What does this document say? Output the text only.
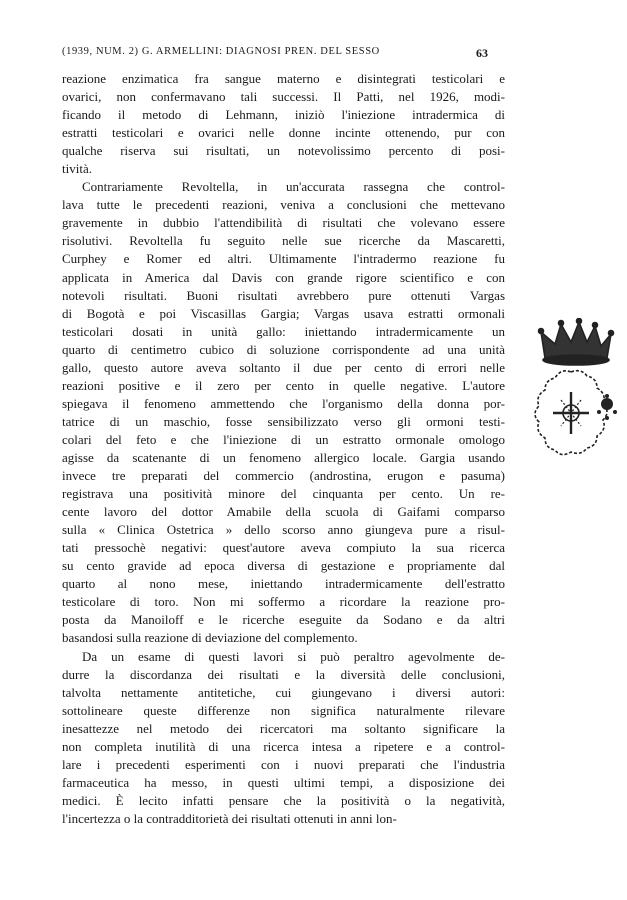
(1939, NUM. 2) G. ARMELLINI: DIAGNOSI PREN. DEL SESSO	63
reazione enzimatica fra sangue materno e disintegrati testicolari e
ovarici, non confermavano tali successi. Il Patti, nel 1926, modi-
ficando il metodo di Lehmann, iniziò l'iniezione intradermica di
estratti testicolari e ovarici nelle donne incinte ottenendo, pur con
qualche riserva sui risultati, un notevolissimo percento di posi-
tività.
Contrariamente Revoltella, in un'accurata rassegna che control-
lava tutte le precedenti reazioni, veniva a conclusioni che mettevano
gravemente in dubbio l'attendibilità di risultati che volevano essere
risolutivi. Revoltella fu seguito nelle sue ricerche da Mascaretti,
Curphey e Romer ed altri. Ultimamente l'intradermo reazione fu
applicata in America dal Davis con grande rigore scientifico e con
notevoli risultati. Buoni risultati avrebbero pure ottenuti Vargas
di Bogotà e poi Viscasillas Gargia; Vargas usava estratti ormonali
testicolari dosati in unità gallo: iniettando intradermicamente un
quarto di centimetro cubico di soluzione corrispondente ad una unità
gallo, questo autore aveva soltanto il due per cento di errori nelle
reazioni positive e il zero per cento in quelle negative. L'autore
spiegava il fenomeno ammettendo che l'organismo della donna por-
tatrice di un maschio, fosse sensibilizzato verso gli ormoni testi-
colari del feto e che l'iniezione di un estratto ormonale omologo
agisse da scatenante di un fenomeno allergico locale. Gargia usando
invece tre preparati del commercio (androstina, erugon e pasuma)
registrava una positività minore del cinquanta per cento. Un re-
cente lavoro del dottor Amabile della scuola di Gaifami comparso
sulla « Clinica Ostetrica » dello scorso anno giungeva pure a risul-
tati pressochè negativi: quest'autore aveva compiuto la sua ricerca
su cento gravide ad epoca diversa di gestazione e propriamente dal
quarto al nono mese, iniettando intradermicamente dell'estratto
testicolare di toro. Non mi soffermo a ricordare la reazione pro-
posta da Manoiloff e le ricerche eseguite da Sodano e da altri
basandosi sulla reazione di deviazione del complemento.
Da un esame di questi lavori si può peraltro agevolmente de-
durre la discordanza dei risultati e la diversità delle conclusioni,
talvolta nettamente antitetiche, cui giungevano i diversi autori:
sottolineare queste differenze non significa naturalmente rilevare
inesattezze nel metodo dei ricercatori ma soltanto significare la
non completa inutilità di una ricerca intesa a ripetere e a control-
lare i precedenti esperimenti con i nuovi preparati che l'industria
farmaceutica ha messo, in questi ultimi tempi, a disposizione dei
medici. È lecito infatti pensare che la positività o la negatività,
l'incertezza o la contradditorietà dei risultati ottenuti in anni lon-
